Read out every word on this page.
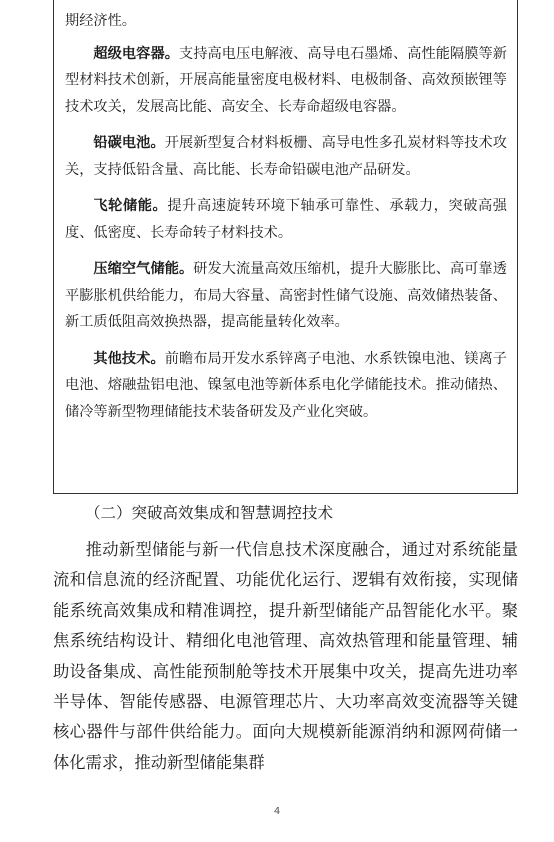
期经济性。

超级电容器。支持高电压电解液、高导电石墨烯、高性能隔膜等新型材料技术创新，开展高能量密度电极材料、电极制备、高效预嵌锂等技术攻关，发展高比能、高安全、长寿命超级电容器。

铅碳电池。开展新型复合材料板栅、高导电性多孔炭材料等技术攻关，支持低铅含量、高比能、长寿命铅碳电池产品研发。

飞轮储能。提升高速旋转环境下轴承可靠性、承载力，突破高强度、低密度、长寿命转子材料技术。

压缩空气储能。研发大流量高效压缩机，提升大膨胀比、高可靠透平膨胀机供给能力，布局大容量、高密封性储气设施、高效储热装备、新工质低阻高效换热器，提高能量转化效率。

其他技术。前瞻布局开发水系锌离子电池、水系铁镍电池、镁离子电池、熔融盐铝电池、镍氢电池等新体系电化学储能技术。推动储热、储冷等新型物理储能技术装备研发及产业化突破。

（二）突破高效集成和智慧调控技术

推动新型储能与新一代信息技术深度融合，通过对系统能量流和信息流的经济配置、功能优化运行、逻辑有效衔接，实现储能系统高效集成和精准调控，提升新型储能产品智能化水平。聚焦系统结构设计、精细化电池管理、高效热管理和能量管理、辅助设备集成、高性能预制舱等技术开展集中攻关，提高先进功率半导体、智能传感器、电源管理芯片、大功率高效变流器等关键核心器件与部件供给能力。面向大规模新能源消纳和源网荷储一体化需求，推动新型储能集群

4
